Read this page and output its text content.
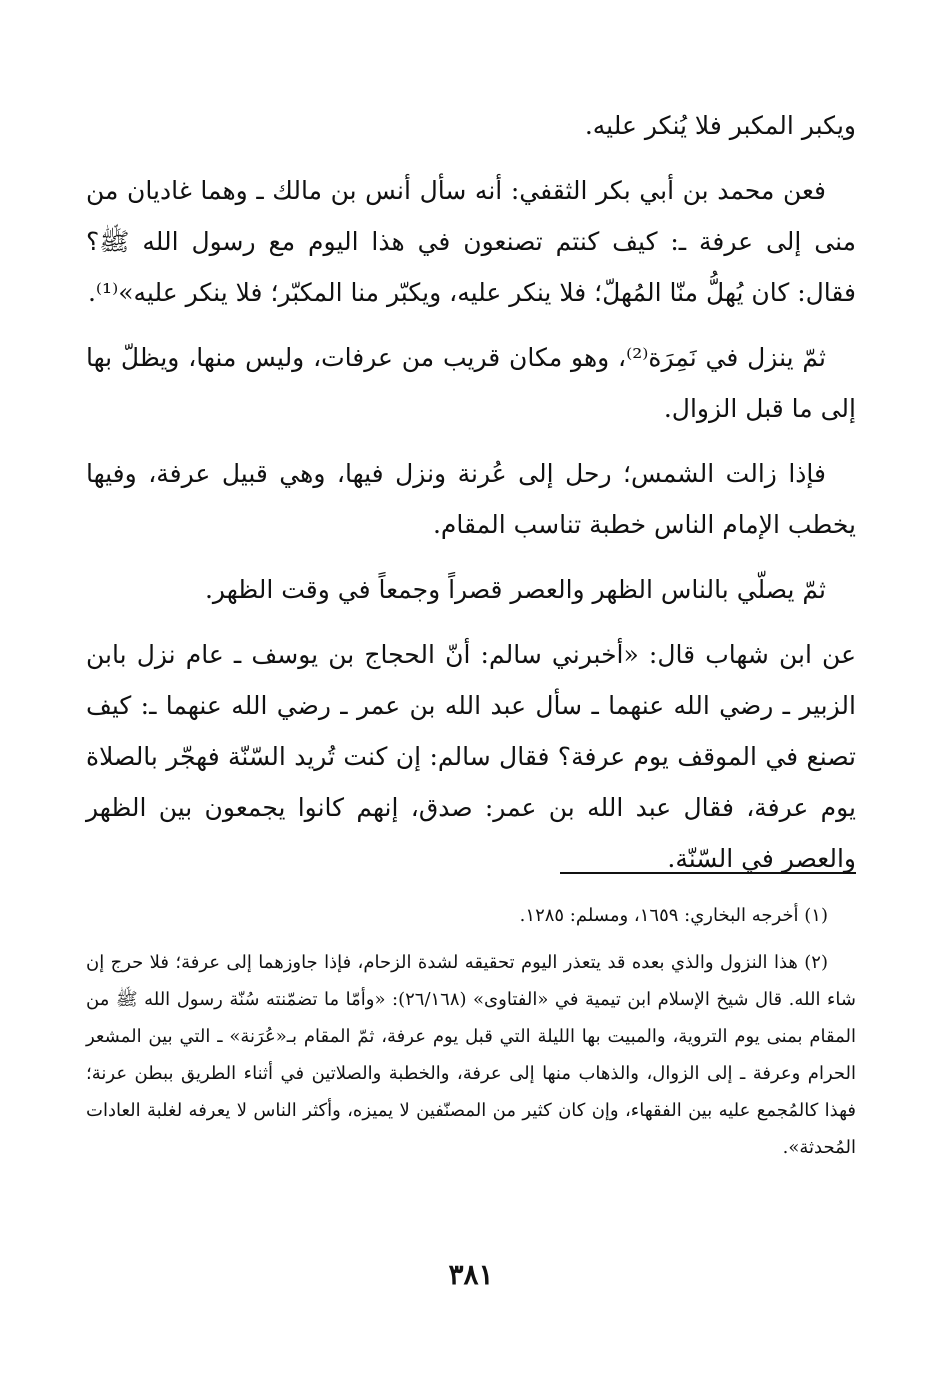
ويكبر المكبر فلا يُنكر عليه.

فعن محمد بن أبي بكر الثقفي: أنه سأل أنس بن مالك ـ وهما غاديان من منى إلى عرفة ـ: كيف كنتم تصنعون في هذا اليوم مع رسول الله ﷺ؟ فقال: كان يُهلُّ منّا المُهلّ؛ فلا ينكر عليه، ويكبّر منا المكبّر؛ فلا ينكر عليه»⁽¹⁾.

ثمّ ينزل في نَمِرَة⁽²⁾، وهو مكان قريب من عرفات، وليس منها، ويظلّ بها إلى ما قبل الزوال.

فإذا زالت الشمس؛ رحل إلى عُرنة ونزل فيها، وهي قبيل عرفة، وفيها يخطب الإمام الناس خطبة تناسب المقام.

ثمّ يصلّي بالناس الظهر والعصر قصراً وجمعاً في وقت الظهر.

عن ابن شهاب قال: «أخبرني سالم: أنّ الحجاج بن يوسف ـ عام نزل بابن الزبير ـ رضي الله عنهما ـ سأل عبد الله بن عمر ـ رضي الله عنهما ـ: كيف تصنع في الموقف يوم عرفة؟ فقال سالم: إن كنت تُريد السّنّة فهجّر بالصلاة يوم عرفة، فقال عبد الله بن عمر: صدق، إنهم كانوا يجمعون بين الظهر والعصر في السّنّة.

(١) أخرجه البخاري: ١٦٥٩، ومسلم: ١٢٨٥.

(٢) هذا النزول والذي بعده قد يتعذر اليوم تحقيقه لشدة الزحام، فإذا جاوزهما إلى عرفة؛ فلا حرج إن شاء الله. قال شيخ الإسلام ابن تيمية في «الفتاوى» (٢٦/١٦٨): «وأمّا ما تضمّنته سُنّة رسول الله ﷺ من المقام بمنى يوم التروية، والمبيت بها الليلة التي قبل يوم عرفة، ثمّ المقام بـ«عُرَنة» ـ التي بين المشعر الحرام وعرفة ـ إلى الزوال، والذهاب منها إلى عرفة، والخطبة والصلاتين في أثناء الطريق ببطن عرنة؛ فهذا كالمُجمع عليه بين الفقهاء، وإن كان كثير من المصنّفين لا يميزه، وأكثر الناس لا يعرفه لغلبة العادات المُحدثة».

٣٨١
